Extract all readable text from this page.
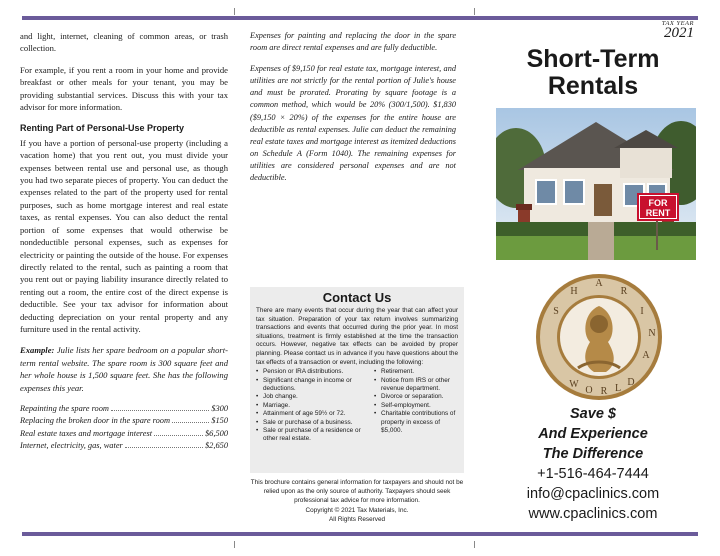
and light, internet, cleaning of common areas, or trash collection.

For example, if you rent a room in your home and provide breakfast or other meals for your tenant, you may be providing substantial services. Discuss this with your tax advisor for more information.

Renting Part of Personal-Use Property

If you have a portion of personal-use property (including a vacation home) that you rent out, you must divide your expenses between rental use and personal use, as though you had two separate pieces of property. You can deduct the expenses related to the part of the property used for rental purposes, such as home mortgage interest and real estate taxes, as rental expenses. You can also deduct the rental portion of some expenses that would otherwise be nondeductible personal expenses, such as expenses for electricity or painting the outside of the house. For expenses directly related to the rental, such as painting a room that you rent out or paying liability insurance directly related to renting out a room, the entire cost of the direct expense is deductible. See your tax advisor for information about deducting depreciation on your rental property and any furniture used in the rental activity.

Example: Julie lists her spare bedroom on a popular short-term rental website. The spare room is 300 square feet and her whole house is 1,500 square feet. She has the following expenses this year.

Repainting the spare room	$300
Replacing the broken door in the spare room	$150
Real estate taxes and mortgage interest	$6,500
Internet, electricity, gas, water	$2,650

Expenses for painting and replacing the door in the spare room are direct rental expenses and are fully deductible.

Expenses of $9,150 for real estate tax, mortgage interest, and utilities are not strictly for the rental portion of Julie's house and must be prorated. Prorating by square footage is a common method, which would be 20% (300/1,500). $1,830 ($9,150 × 20%) of the expenses for the entire house are deductible as rental expenses. Julie can deduct the remaining real estate taxes and mortgage interest as itemized deductions on Schedule A (Form 1040). The remaining expenses for utilities are considered personal expenses and are not deductible.

Contact Us

There are many events that occur during the year that can affect your tax situation. Preparation of your tax return involves summarizing transactions and events that occurred during the prior year. In most situations, treatment is firmly established at the time the transaction occurs. However, negative tax effects can be avoided by proper planning. Please contact us in advance if you have questions about the tax effects of a transaction or event, including the following:

• Pension or IRA distributions.
• Significant change in income or deductions.
• Job change.
• Marriage.
• Attainment of age 59½ or 72.
• Sale or purchase of a business.
• Sale or purchase of a residence or other real estate.
• Retirement.
• Notice from IRS or other revenue department.
• Divorce or separation.
• Self-employment.
• Charitable contributions of property in excess of $5,000.
This brochure contains general information for taxpayers and should not be relied upon as the only source of authority. Taxpayers should seek professional tax advice for more information.
Copyright © 2021 Tax Materials, Inc.
All Rights Reserved
TAX YEAR
2021
Short-Term
Rentals
FOR
RENT
A
H	R
S	I
N
A
W
O R L
D
Save $
And Experience
The Difference
+1-516-464-7444
info@cpaclinics.com
www.cpaclinics.com
